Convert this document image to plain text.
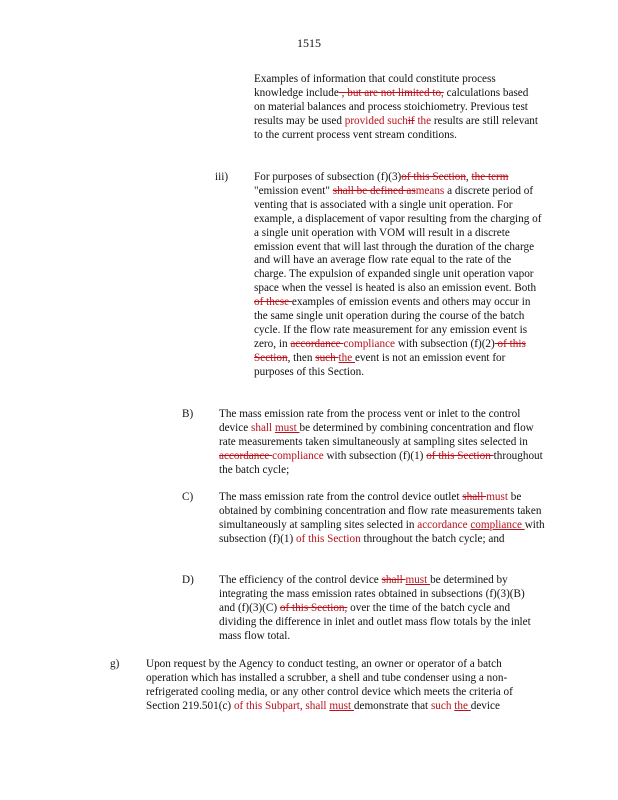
1515

Examples of information that could constitute process knowledge include , but are not limited to, calculations based on material balances and process stoichiometry. Previous test results may be used provided suchif the results are still relevant to the current process vent stream conditions.

iii) For purposes of subsection (f)(3)of this Section, the term "emission event" shall be defined asmeans a discrete period of venting that is associated with a single unit operation. For example, a displacement of vapor resulting from the charging of a single unit operation with VOM will result in a discrete emission event that will last through the duration of the charge and will have an average flow rate equal to the rate of the charge. The expulsion of expanded single unit operation vapor space when the vessel is heated is also an emission event. Both of these examples of emission events and others may occur in the same single unit operation during the course of the batch cycle. If the flow rate measurement for any emission event is zero, in accordance compliance with subsection (f)(2) of this Section, then such the event is not an emission event for purposes of this Section.

B) The mass emission rate from the process vent or inlet to the control device shall must be determined by combining concentration and flow rate measurements taken simultaneously at sampling sites selected in accordance compliance with subsection (f)(1) of this Section throughout the batch cycle;

C) The mass emission rate from the control device outlet shall must be obtained by combining concentration and flow rate measurements taken simultaneously at sampling sites selected in accordance compliance with subsection (f)(1) of this Section throughout the batch cycle; and

D) The efficiency of the control device shall must be determined by integrating the mass emission rates obtained in subsections (f)(3)(B) and (f)(3)(C) of this Section, over the time of the batch cycle and dividing the difference in inlet and outlet mass flow totals by the inlet mass flow total.

g) Upon request by the Agency to conduct testing, an owner or operator of a batch operation which has installed a scrubber, a shell and tube condenser using a non-refrigerated cooling media, or any other control device which meets the criteria of Section 219.501(c) of this Subpart, shall must demonstrate that such the device
